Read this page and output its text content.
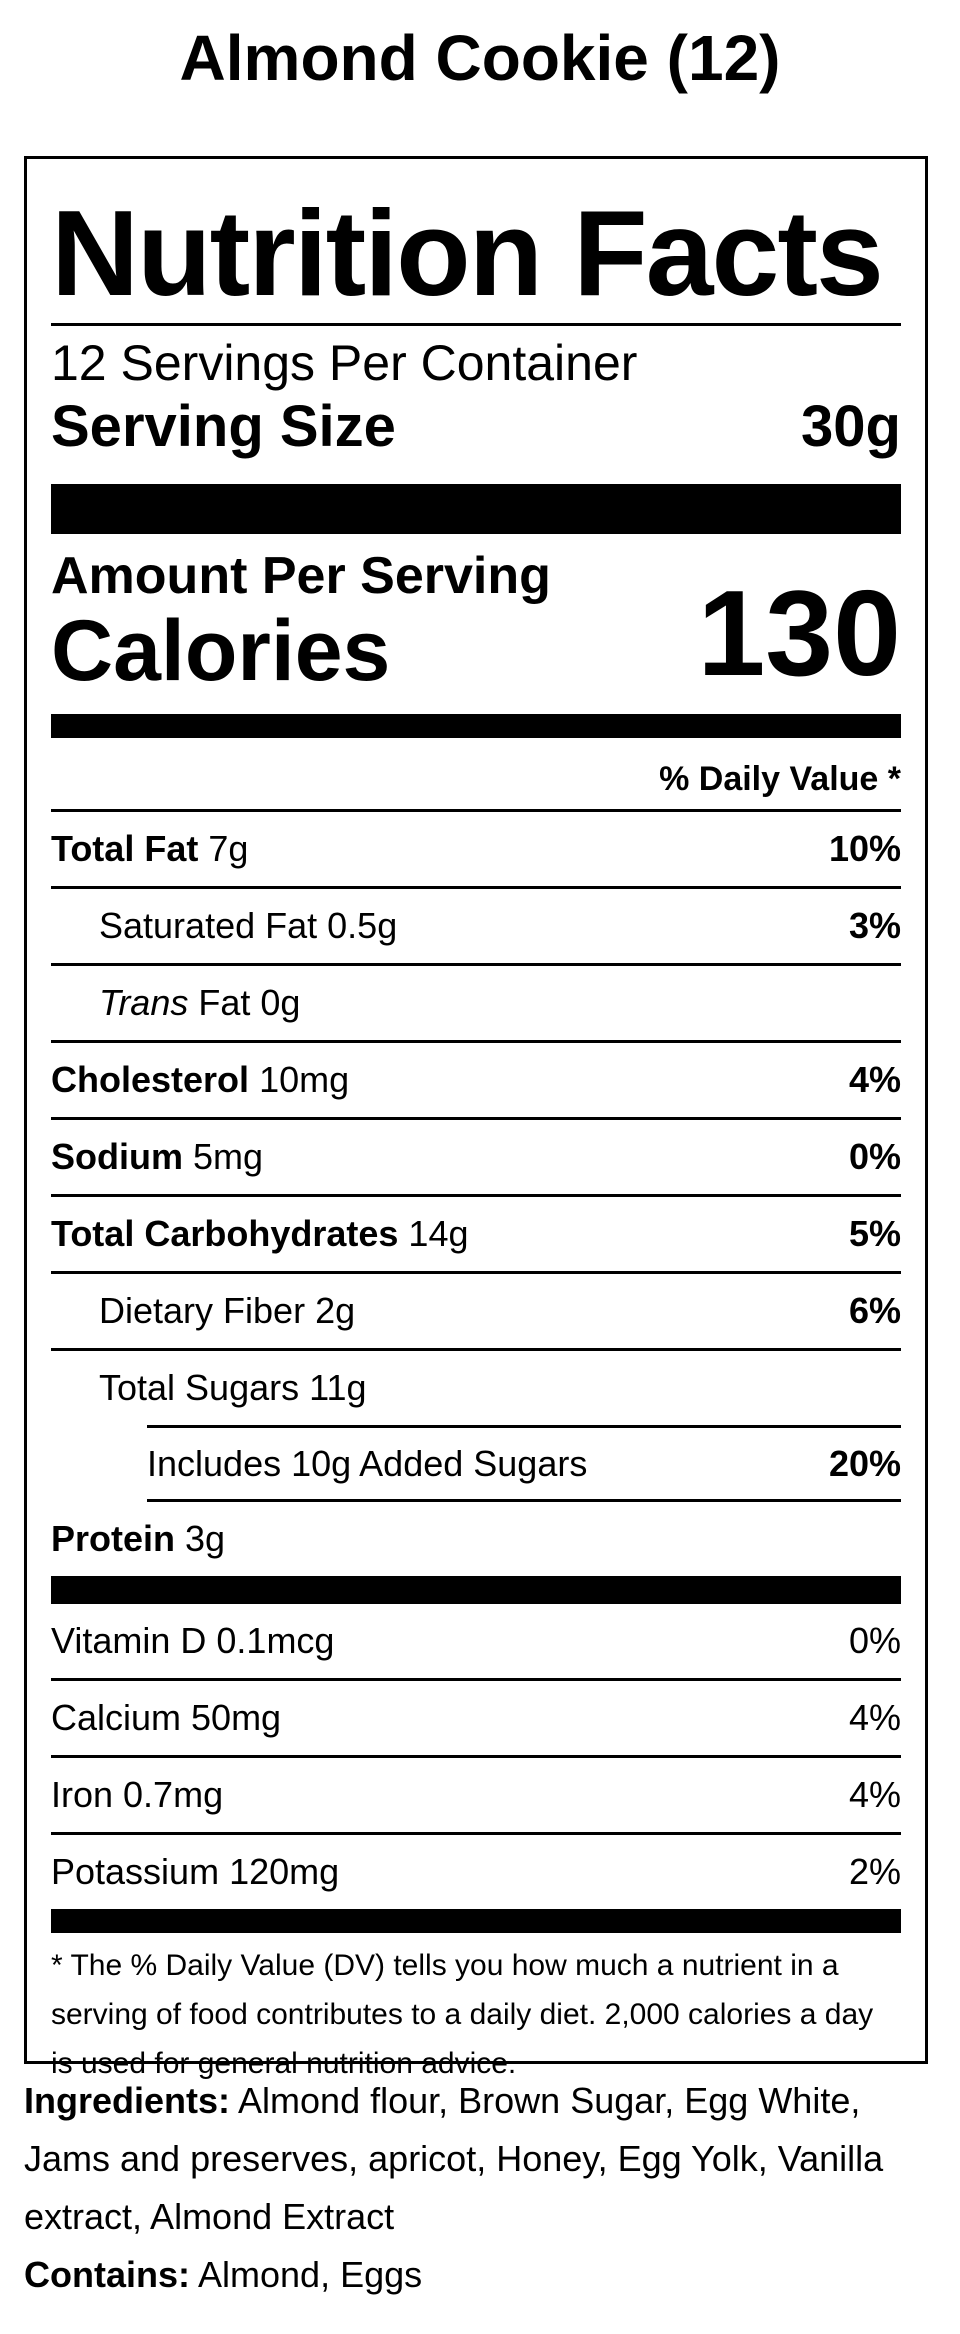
Almond Cookie (12)
Nutrition Facts
12 Servings Per Container
Serving Size	30g
Amount Per Serving
Calories	130
% Daily Value *
Total Fat 7g	10%
Saturated Fat 0.5g	3%
Trans Fat 0g
Cholesterol 10mg	4%
Sodium 5mg	0%
Total Carbohydrates 14g	5%
Dietary Fiber 2g	6%
Total Sugars 11g
Includes 10g Added Sugars	20%
Protein 3g
Vitamin D 0.1mcg	0%
Calcium 50mg	4%
Iron 0.7mg	4%
Potassium 120mg	2%
* The % Daily Value (DV) tells you how much a nutrient in a serving of food contributes to a daily diet. 2,000 calories a day is used for general nutrition advice.
Ingredients: Almond flour, Brown Sugar, Egg White, Jams and preserves, apricot, Honey, Egg Yolk, Vanilla extract, Almond Extract
Contains: Almond, Eggs
